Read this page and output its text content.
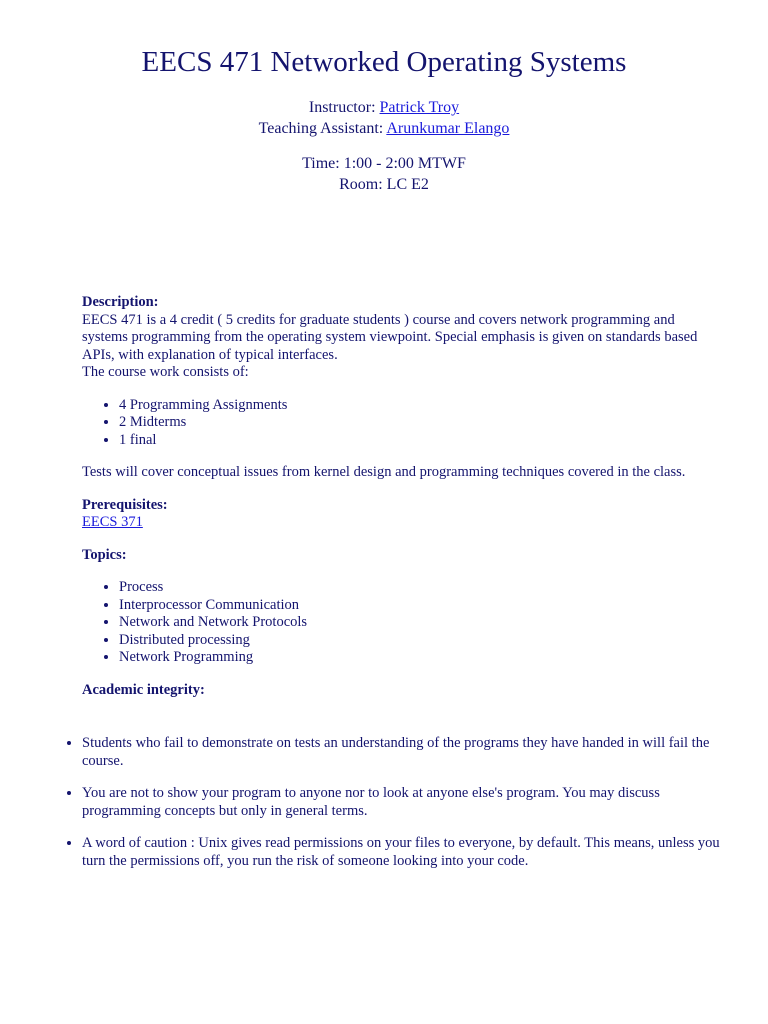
EECS 471 Networked Operating Systems
Instructor: Patrick Troy
Teaching Assistant: Arunkumar Elango
Time: 1:00 - 2:00 MTWF
Room: LC E2

Description:

EECS 471 is a 4 credit ( 5 credits for graduate students ) course and covers network programming and systems programming from the operating system viewpoint. Special emphasis is given on standards based APIs, with explanation of typical interfaces.

The course work consists of:

• 4 Programming Assignments
• 2 Midterms
• 1 final

Tests will cover conceptual issues from kernel design and programming techniques covered in the class.

Prerequisites:

EECS 371

Topics:

• Process
• Interprocessor Communication
• Network and Network Protocols
• Distributed processing
• Network Programming

Academic integrity:

• Students who fail to demonstrate on tests an understanding of the programs they have handed in will fail the course.
• You are not to show your program to anyone nor to look at anyone else's program. You may discuss programming concepts but only in general terms.
• A word of caution : Unix gives read permissions on your files to everyone, by default. This means, unless you turn the permissions off, you run the risk of someone looking into your code.
